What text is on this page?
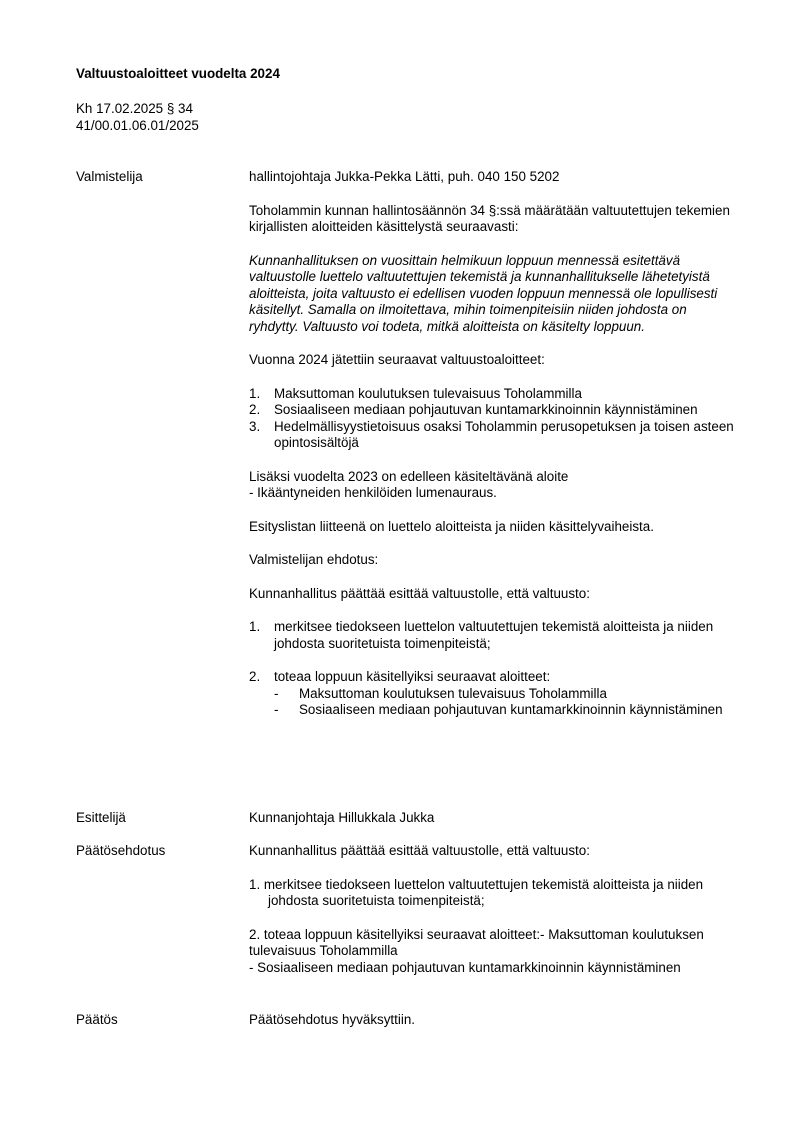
Valtuustoaloitteet vuodelta 2024
Kh 17.02.2025 § 34
41/00.01.06.01/2025
Valmistelija	hallintojohtaja Jukka-Pekka Lätti, puh. 040 150 5202

Toholammin kunnan hallintosäännön 34 §:ssä määrätään valtuutettujen tekemien kirjallisten aloitteiden käsittelystä seuraavasti:

Kunnanhallituksen on vuosittain helmikuun loppuun mennessä esitettävä valtuustolle luettelo valtuutettujen tekemistä ja kunnanhallitukselle lähetetyistä aloitteista, joita valtuusto ei edellisen vuoden loppuun mennessä ole lopullisesti käsitellyt. Samalla on ilmoitettava, mihin toimenpiteisiin niiden johdosta on ryhdytty. Valtuusto voi todeta, mitkä aloitteista on käsitelty loppuun.

Vuonna 2024 jätettiin seuraavat valtuustoaloitteet:

1. Maksuttoman koulutuksen tulevaisuus Toholammilla
2. Sosiaaliseen mediaan pohjautuvan kuntamarkkinoinnin käynnistäminen
3. Hedelmällisyystietoisuus osaksi Toholammin perusopetuksen ja toisen asteen opintosisältöjä

Lisäksi vuodelta 2023 on edelleen käsiteltävänä aloite

- Ikääntyneiden henkilöiden lumenauraus.

Esityslistan liitteenä on luettelo aloitteista ja niiden käsittelyvaiheista.

Valmistelijan ehdotus:

Kunnanhallitus päättää esittää valtuustolle, että valtuusto:

1. merkitsee tiedokseen luettelon valtuutettujen tekemistä aloitteista ja niiden johdosta suoritetuista toimenpiteistä;
2. toteaa loppuun käsitellyiksi seuraavat aloitteet:
- Maksuttoman koulutuksen tulevaisuus Toholammilla
- Sosiaaliseen mediaan pohjautuvan kuntamarkkinoinnin käynnistäminen
Esittelijä	Kunnanjohtaja Hillukkala Jukka
Päätösehdotus	Kunnanhallitus päättää esittää valtuustolle, että valtuusto:

1. merkitsee tiedokseen luettelon valtuutettujen tekemistä aloitteista ja niiden johdosta suoritetuista toimenpiteistä;

2. toteaa loppuun käsitellyiksi seuraavat aloitteet:- Maksuttoman koulutuksen tulevaisuus Toholammilla

- Sosiaaliseen mediaan pohjautuvan kuntamarkkinoinnin käynnistäminen

Päätös	Päätösehdotus hyväksyttiin.
